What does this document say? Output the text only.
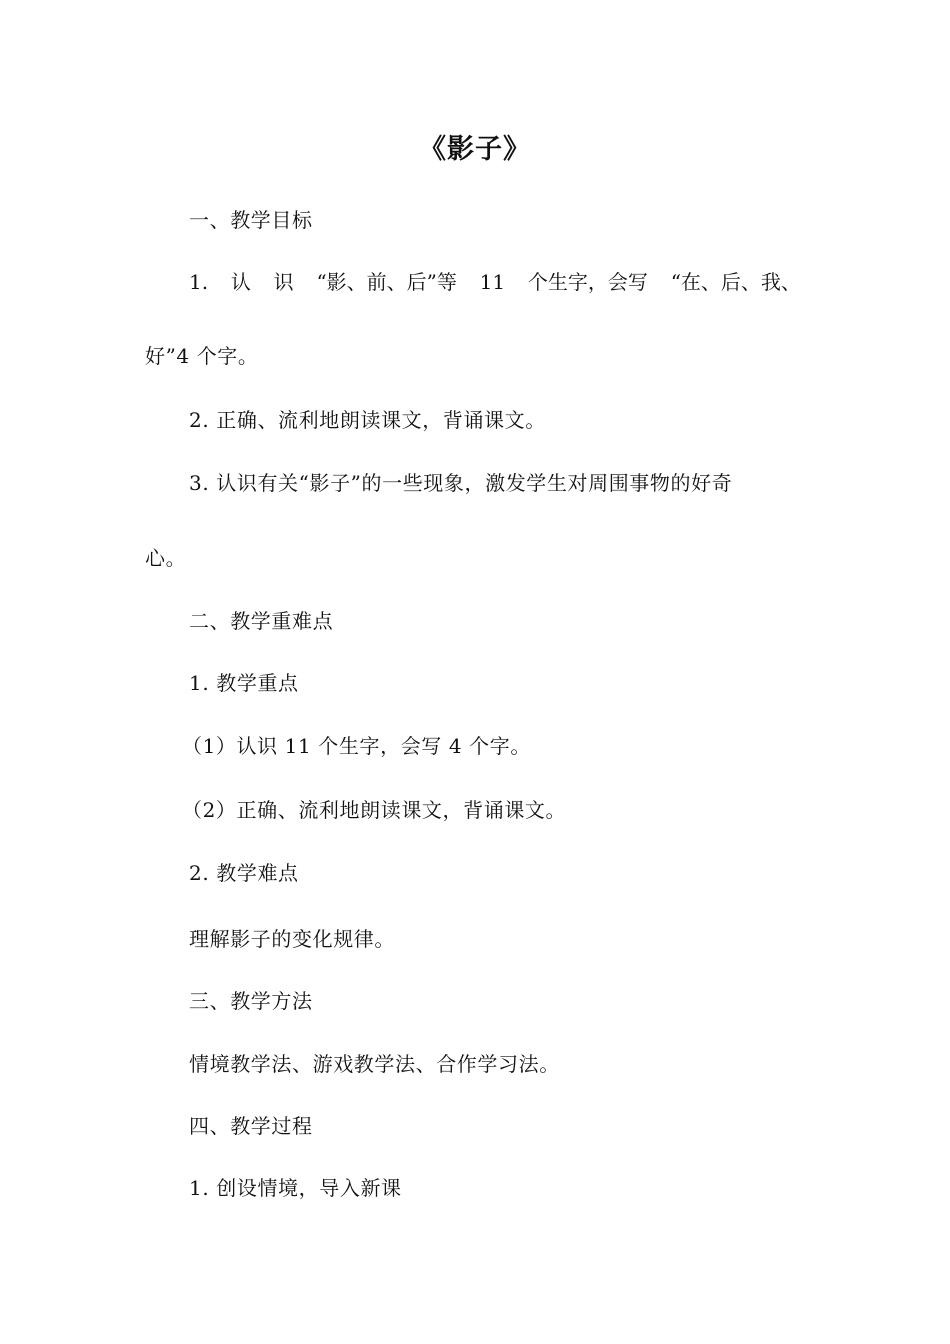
《影子》
一、教学目标
1. 认 识 “影、前、后”等 11 个生字，会写 “在、后、我、
好”4 个字。
2. 正确、流利地朗读课文，背诵课文。
3. 认识有关“影子”的一些现象，激发学生对周围事物的好奇
心。
二、教学重难点
1. 教学重点
（1）认识 11 个生字，会写 4 个字。
（2）正确、流利地朗读课文，背诵课文。
2. 教学难点
理解影子的变化规律。
三、教学方法
情境教学法、游戏教学法、合作学习法。
四、教学过程
1. 创设情境，导入新课
